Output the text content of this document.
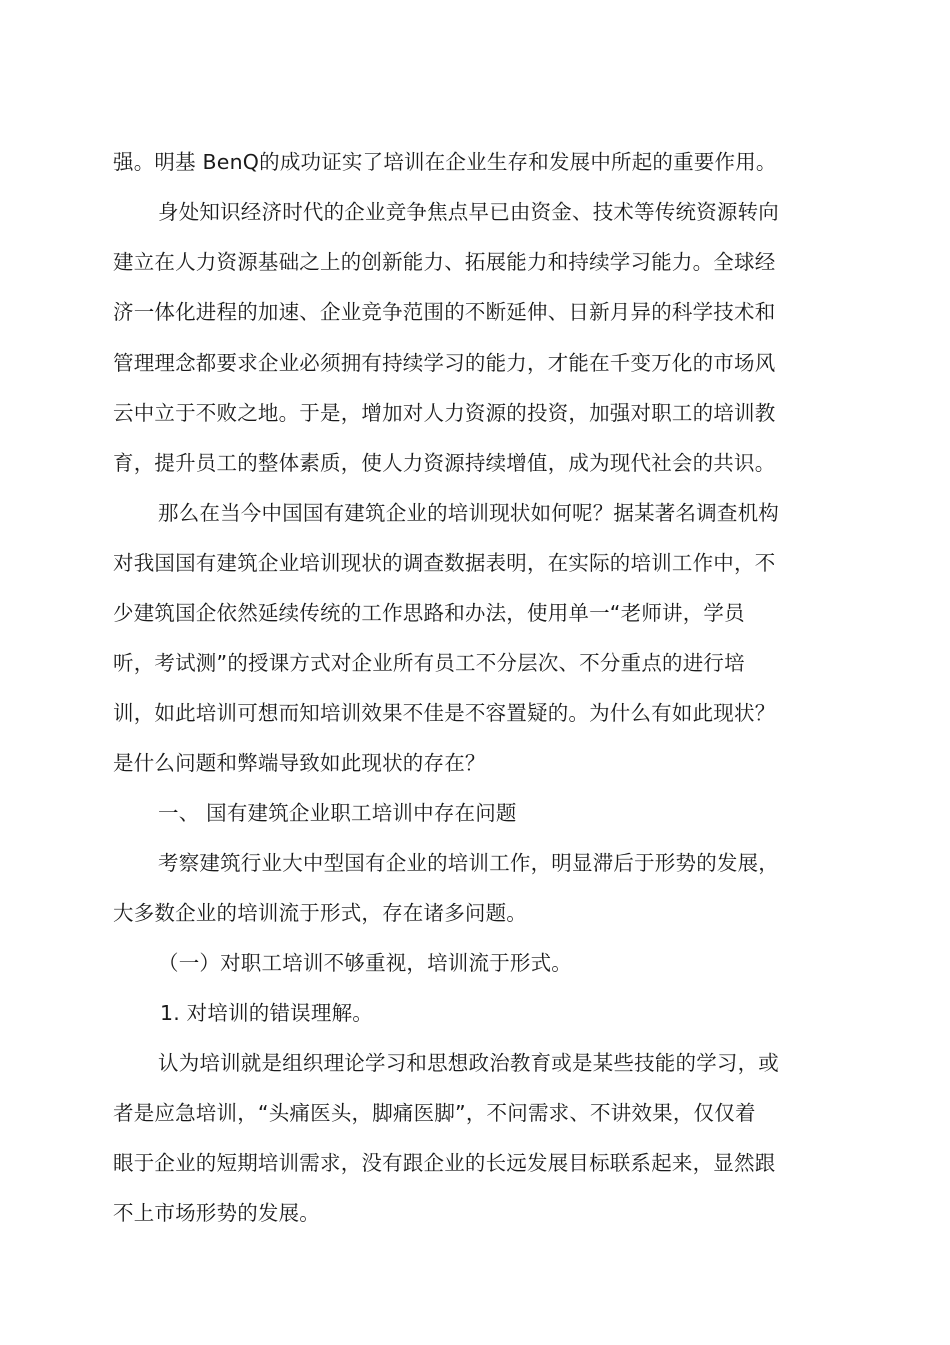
强。明基 BenQ的成功证实了培训在企业生存和发展中所起的重要作用。
身处知识经济时代的企业竞争焦点早已由资金、技术等传统资源转向
建立在人力资源基础之上的创新能力、拓展能力和持续学习能力。全球经
济一体化进程的加速、企业竞争范围的不断延伸、日新月异的科学技术和
管理理念都要求企业必须拥有持续学习的能力，才能在千变万化的市场风
云中立于不败之地。于是，增加对人力资源的投资，加强对职工的培训教
育，提升员工的整体素质，使人力资源持续增值，成为现代社会的共识。
那么在当今中国国有建筑企业的培训现状如何呢？据某著名调查机构
对我国国有建筑企业培训现状的调查数据表明，在实际的培训工作中，不
少建筑国企依然延续传统的工作思路和办法，使用单一“老师讲，学员
听，考试测”的授课方式对企业所有员工不分层次、不分重点的进行培
训，如此培训可想而知培训效果不佳是不容置疑的。为什么有如此现状？
是什么问题和弊端导致如此现状的存在？
一、 国有建筑企业职工培训中存在问题
考察建筑行业大中型国有企业的培训工作，明显滞后于形势的发展，
大多数企业的培训流于形式，存在诸多问题。
（一）对职工培训不够重视，培训流于形式。
1. 对培训的错误理解。
认为培训就是组织理论学习和思想政治教育或是某些技能的学习，或
者是应急培训，“头痛医头，脚痛医脚”，不问需求、不讲效果，仅仅着
眼于企业的短期培训需求，没有跟企业的长远发展目标联系起来，显然跟
不上市场形势的发展。
